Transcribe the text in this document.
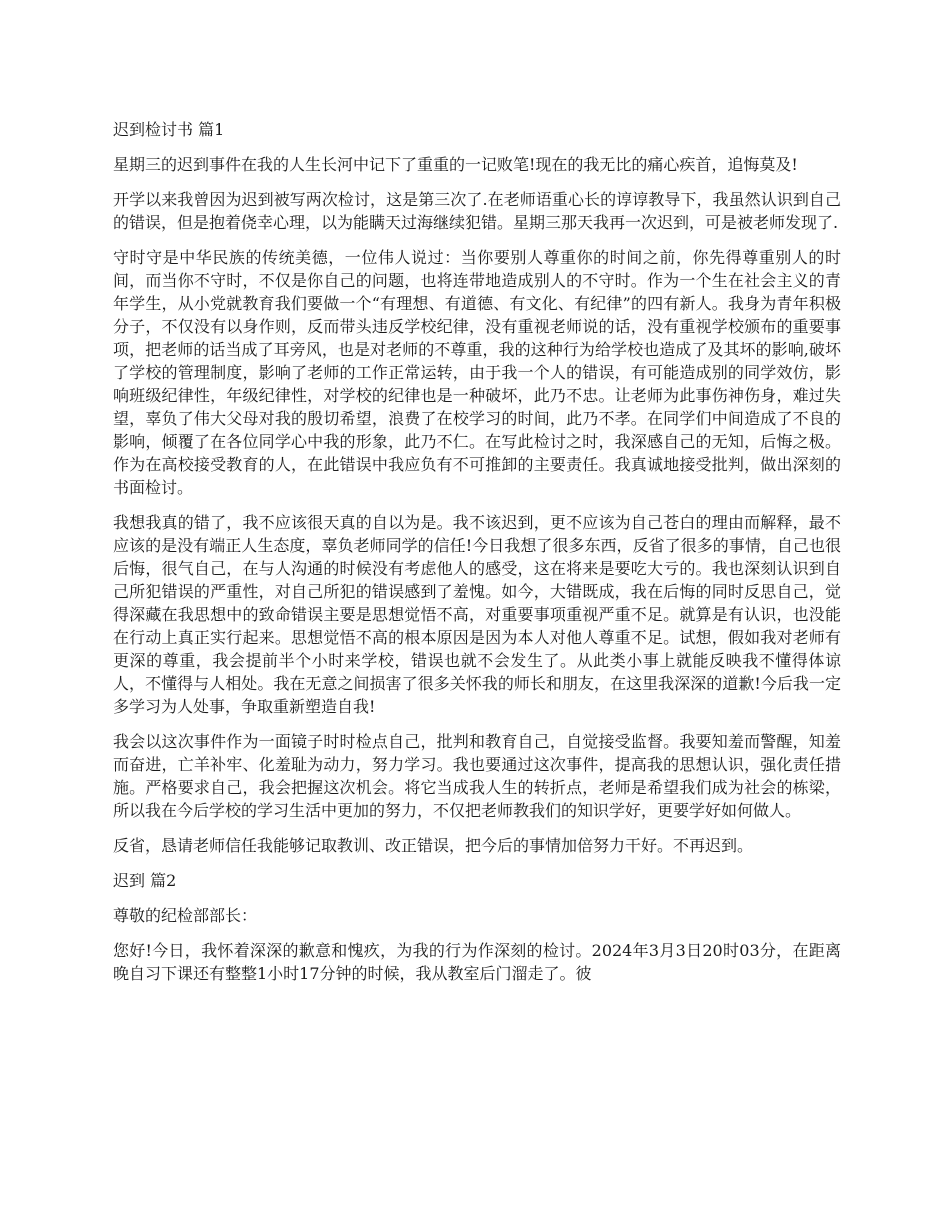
迟到检讨书 篇1

星期三的迟到事件在我的人生长河中记下了重重的一记败笔!现在的我无比的痛心疾首，追悔莫及!

开学以来我曾因为迟到被写两次检讨，这是第三次了.在老师语重心长的谆谆教导下，我虽然认识到自己的错误，但是抱着侥幸心理，以为能瞒天过海继续犯错。星期三那天我再一次迟到，可是被老师发现了.

守时守是中华民族的传统美德，一位伟人说过：当你要别人尊重你的时间之前，你先得尊重别人的时间，而当你不守时，不仅是你自己的问题，也将连带地造成别人的不守时。作为一个生在社会主义的青年学生，从小党就教育我们要做一个“有理想、有道德、有文化、有纪律”的四有新人。我身为青年积极分子，不仅没有以身作则，反而带头违反学校纪律，没有重视老师说的话，没有重视学校颁布的重要事项，把老师的话当成了耳旁风，也是对老师的不尊重，我的这种行为给学校也造成了及其坏的影响,破坏了学校的管理制度，影响了老师的工作正常运转，由于我一个人的错误，有可能造成别的同学效仿，影响班级纪律性，年级纪律性，对学校的纪律也是一种破坏，此乃不忠。让老师为此事伤神伤身，难过失望，辜负了伟大父母对我的殷切希望，浪费了在校学习的时间，此乃不孝。在同学们中间造成了不良的影响，倾覆了在各位同学心中我的形象，此乃不仁。在写此检讨之时，我深感自己的无知，后悔之极。作为在高校接受教育的人，在此错误中我应负有不可推卸的主要责任。我真诚地接受批判，做出深刻的书面检讨。

我想我真的错了，我不应该很天真的自以为是。我不该迟到，更不应该为自己苍白的理由而解释，最不应该的是没有端正人生态度，辜负老师同学的信任!今日我想了很多东西，反省了很多的事情，自己也很后悔，很气自己，在与人沟通的时候没有考虑他人的感受，这在将来是要吃大亏的。我也深刻认识到自己所犯错误的严重性，对自己所犯的错误感到了羞愧。如今，大错既成，我在后悔的同时反思自己，觉得深藏在我思想中的致命错误主要是思想觉悟不高，对重要事项重视严重不足。就算是有认识，也没能在行动上真正实行起来。思想觉悟不高的根本原因是因为本人对他人尊重不足。试想，假如我对老师有更深的尊重，我会提前半个小时来学校，错误也就不会发生了。从此类小事上就能反映我不懂得体谅人，不懂得与人相处。我在无意之间损害了很多关怀我的师长和朋友，在这里我深深的道歉!今后我一定多学习为人处事，争取重新塑造自我!

我会以这次事件作为一面镜子时时检点自己，批判和教育自己，自觉接受监督。我要知羞而警醒，知羞而奋进，亡羊补牢、化羞耻为动力，努力学习。我也要通过这次事件，提高我的思想认识，强化责任措施。严格要求自己，我会把握这次机会。将它当成我人生的转折点，老师是希望我们成为社会的栋梁，所以我在今后学校的学习生活中更加的努力，不仅把老师教我们的知识学好，更要学好如何做人。

反省，恳请老师信任我能够记取教训、改正错误，把今后的事情加倍努力干好。不再迟到。

迟到 篇2

尊敬的纪检部部长：

您好!今日，我怀着深深的歉意和愧疚，为我的行为作深刻的检讨。2024年3月3日20时03分，在距离晚自习下课还有整整1小时17分钟的时候，我从教室后门溜走了。彼
